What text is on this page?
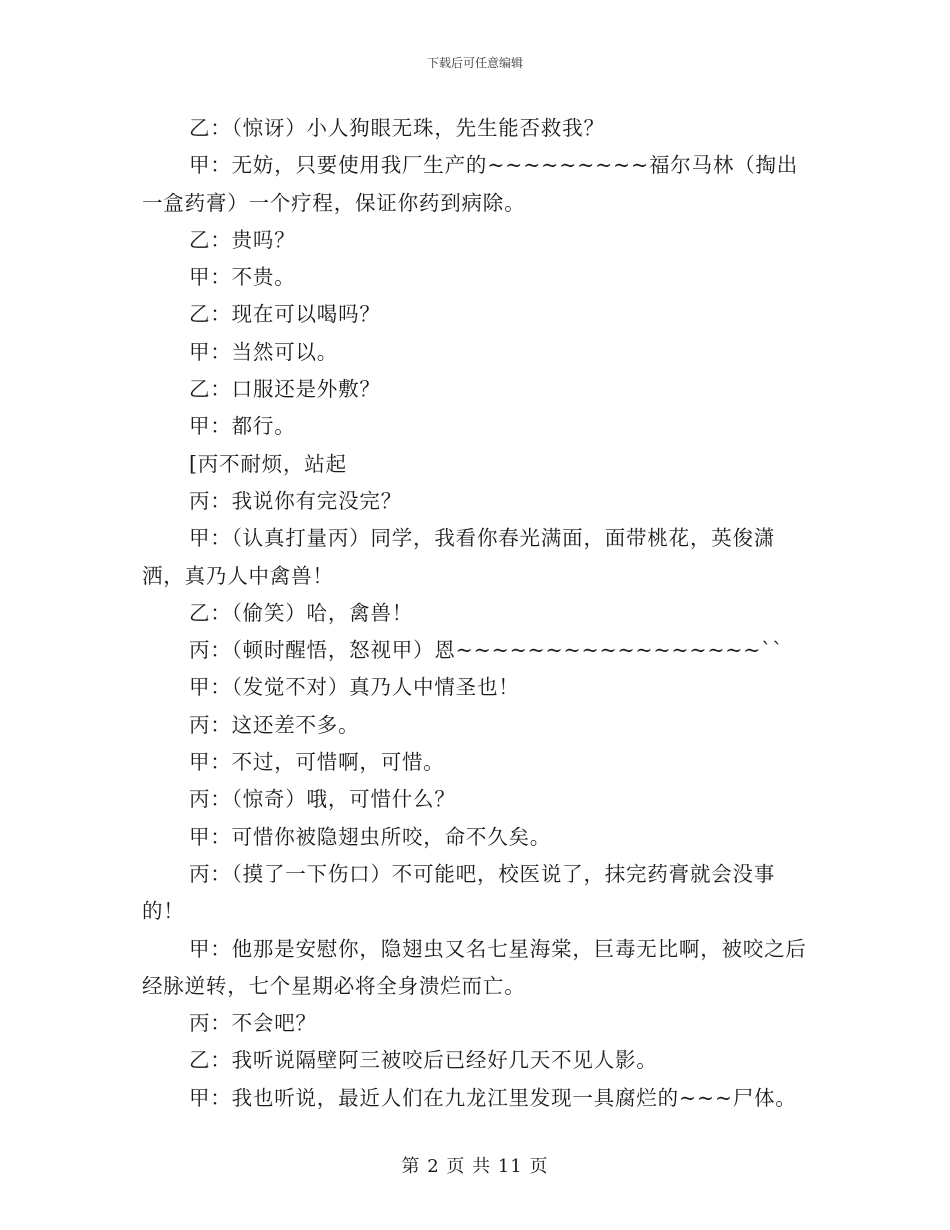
下载后可任意编辑

乙：（惊讶）小人狗眼无珠，先生能否救我？

甲：无妨，只要使用我厂生产的~~~~~~~~~福尔马林（掏出一盒药膏）一个疗程，保证你药到病除。

乙：贵吗？

甲：不贵。

乙：现在可以喝吗？

甲：当然可以。

乙：口服还是外敷？

甲：都行。

[丙不耐烦，站起

丙：我说你有完没完？

甲：（认真打量丙）同学，我看你春光满面，面带桃花，英俊潇洒，真乃人中禽兽！

乙：（偷笑）哈，禽兽！

丙：（顿时醒悟，怒视甲）恩~~~~~~~~~~~~~~~~~``

甲：（发觉不对）真乃人中情圣也！

丙：这还差不多。

甲：不过，可惜啊，可惜。

丙：（惊奇）哦，可惜什么？

甲：可惜你被隐翅虫所咬，命不久矣。

丙：（摸了一下伤口）不可能吧，校医说了，抹完药膏就会没事的！

甲：他那是安慰你，隐翅虫又名七星海棠，巨毒无比啊，被咬之后经脉逆转，七个星期必将全身溃烂而亡。

丙：不会吧？

乙：我听说隔壁阿三被咬后已经好几天不见人影。

甲：我也听说，最近人们在九龙江里发现一具腐烂的~~~尸体。

第 2 页 共 11 页
